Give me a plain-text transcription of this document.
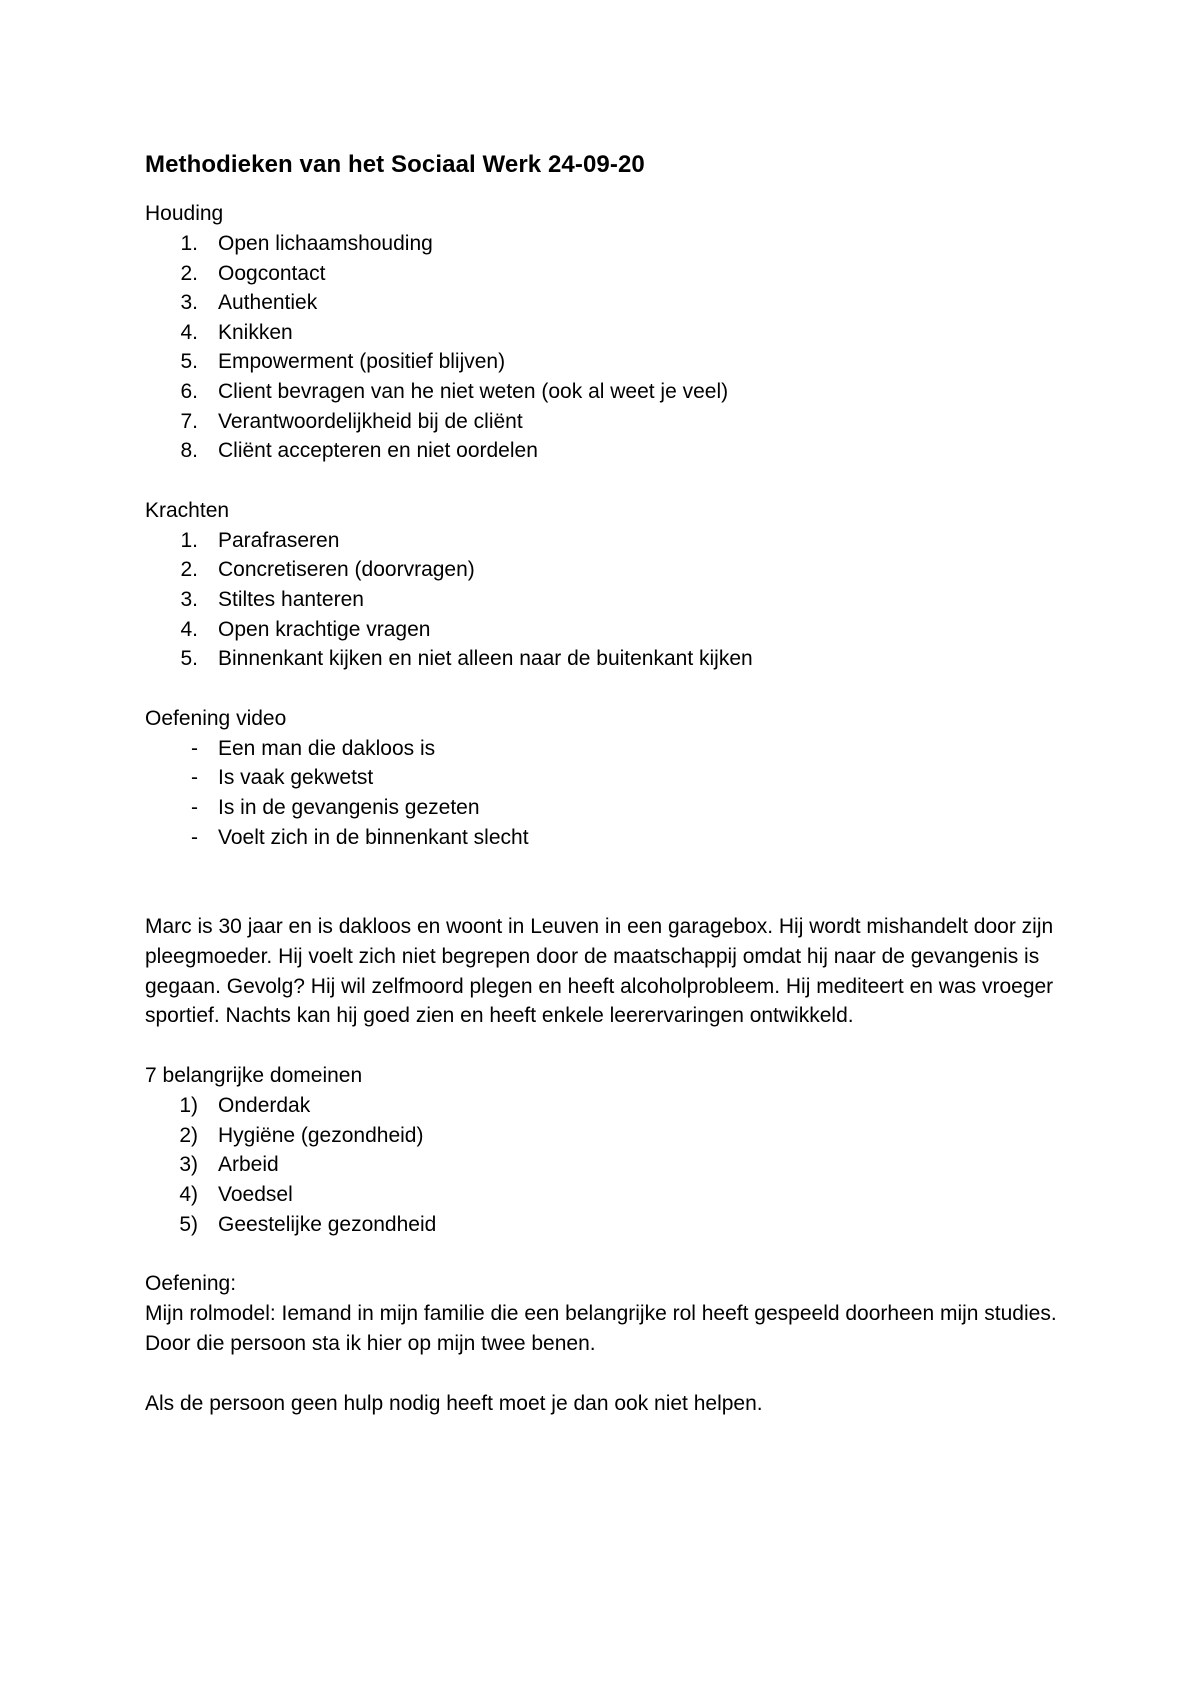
Methodieken van het Sociaal Werk 24-09-20
Houding
1. Open lichaamshouding
2. Oogcontact
3. Authentiek
4. Knikken
5. Empowerment (positief blijven)
6. Client bevragen van he niet weten (ook al weet je veel)
7. Verantwoordelijkheid bij de cliënt
8. Cliënt accepteren en niet oordelen
Krachten
1. Parafraseren
2. Concretiseren (doorvragen)
3. Stiltes hanteren
4. Open krachtige vragen
5. Binnenkant kijken en niet alleen naar de buitenkant kijken
Oefening video
- Een man die dakloos is
- Is vaak gekwetst
- Is in de gevangenis gezeten
- Voelt zich in de binnenkant slecht

Marc is 30 jaar en is dakloos en woont in Leuven in een garagebox. Hij wordt mishandelt door zijn pleegmoeder. Hij voelt zich niet begrepen door de maatschappij omdat hij naar de gevangenis is gegaan. Gevolg? Hij wil zelfmoord plegen en heeft alcoholprobleem. Hij mediteert en was vroeger sportief. Nachts kan hij goed zien en heeft enkele leerervaringen ontwikkeld.

7 belangrijke domeinen
1) Onderdak
2) Hygiëne (gezondheid)
3) Arbeid
4) Voedsel
5) Geestelijke gezondheid
Oefening:

Mijn rolmodel: Iemand in mijn familie die een belangrijke rol heeft gespeeld doorheen mijn studies. Door die persoon sta ik hier op mijn twee benen.

Als de persoon geen hulp nodig heeft moet je dan ook niet helpen.
